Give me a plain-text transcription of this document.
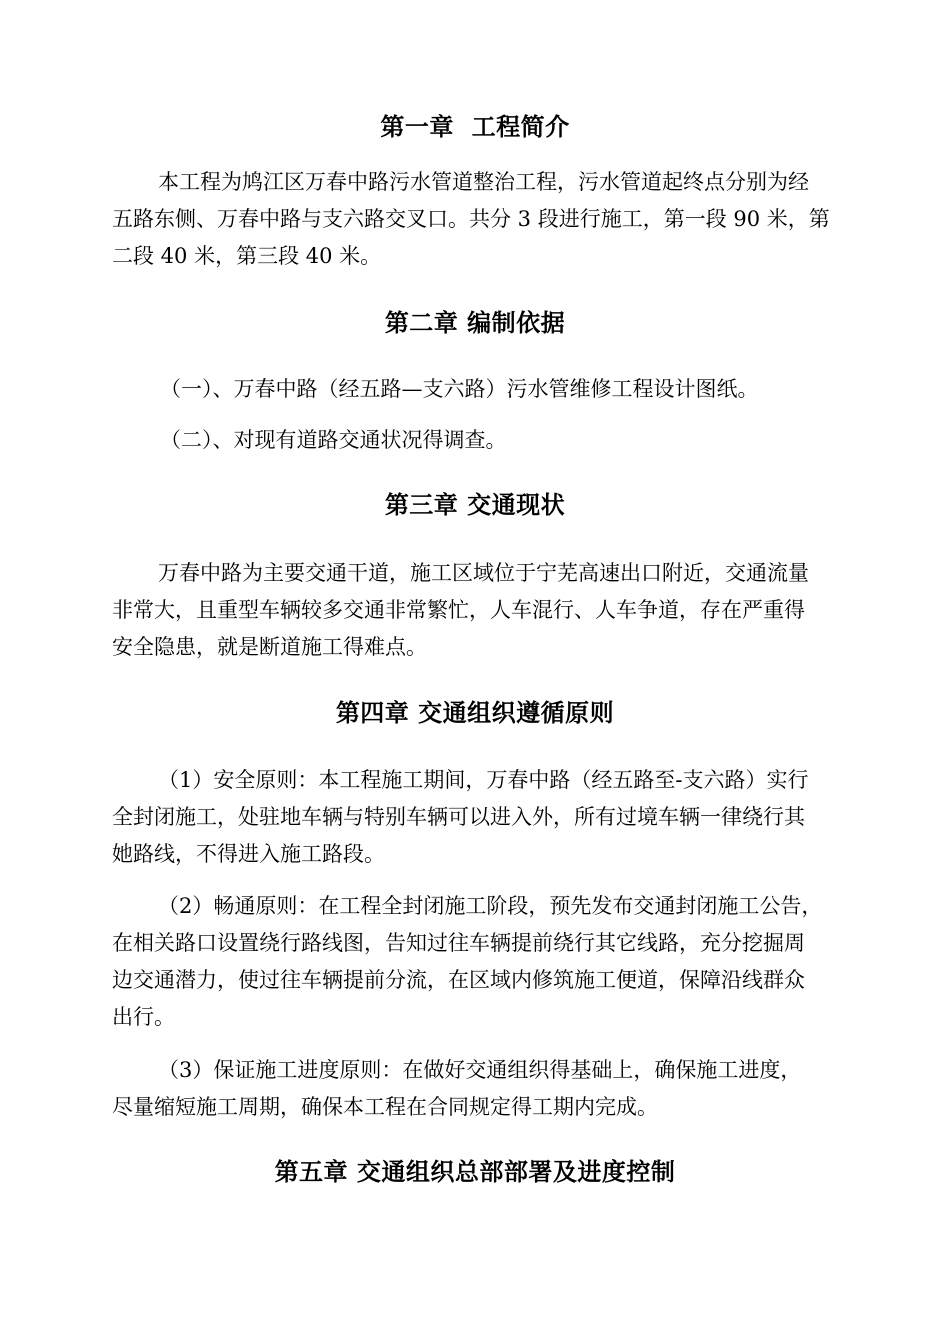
第一章  工程简介
本工程为鸠江区万春中路污水管道整治工程，污水管道起终点分别为经
五路东侧、万春中路与支六路交叉口。共分 3 段进行施工，第一段 90 米，第
二段 40 米，第三段 40 米。
第二章 编制依据
（一）、万春中路（经五路—支六路）污水管维修工程设计图纸。
（二）、对现有道路交通状况得调查。
第三章 交通现状
万春中路为主要交通干道，施工区域位于宁芜高速出口附近，交通流量
非常大，且重型车辆较多交通非常繁忙，人车混行、人车争道，存在严重得
安全隐患，就是断道施工得难点。
第四章 交通组织遵循原则
（1）安全原则：本工程施工期间，万春中路（经五路至-支六路）实行
全封闭施工，处驻地车辆与特别车辆可以进入外，所有过境车辆一律绕行其
她路线，不得进入施工路段。
（2）畅通原则：在工程全封闭施工阶段，预先发布交通封闭施工公告，
在相关路口设置绕行路线图，告知过往车辆提前绕行其它线路，充分挖掘周
边交通潜力，使过往车辆提前分流，在区域内修筑施工便道，保障沿线群众
出行。
（3）保证施工进度原则：在做好交通组织得基础上，确保施工进度，
尽量缩短施工周期，确保本工程在合同规定得工期内完成。
第五章 交通组织总部部署及进度控制
